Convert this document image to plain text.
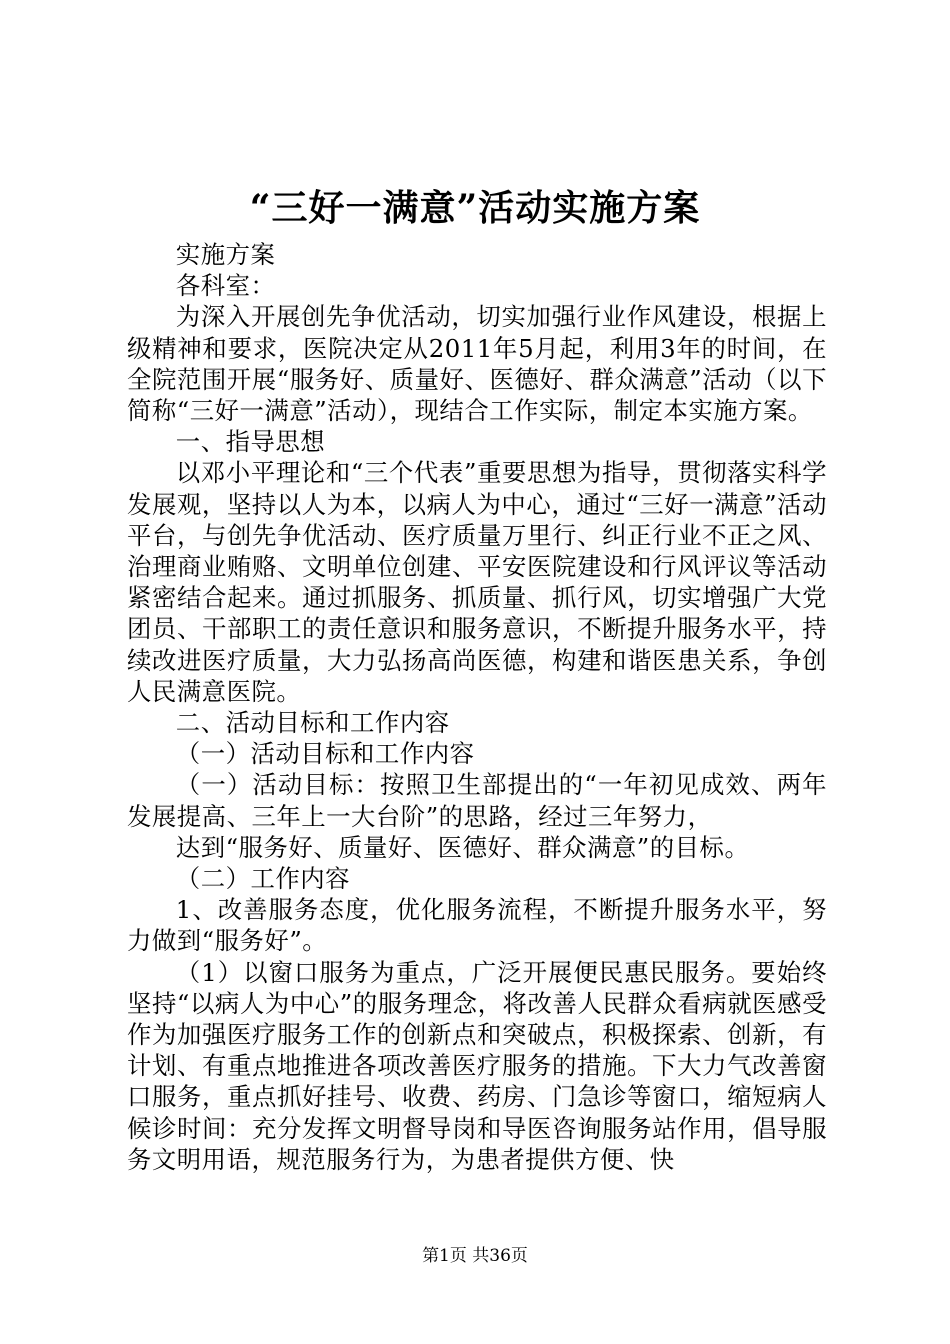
“三好一满意”活动实施方案

实施方案

各科室：

为深入开展创先争优活动，切实加强行业作风建设，根据上级精神和要求，医院决定从2011年5月起，利用3年的时间，在全院范围开展“服务好、质量好、医德好、群众满意”活动（以下简称“三好一满意”活动），现结合工作实际，制定本实施方案。

一、指导思想

以邓小平理论和“三个代表”重要思想为指导，贯彻落实科学发展观，坚持以人为本，以病人为中心，通过“三好一满意”活动平台，与创先争优活动、医疗质量万里行、纠正行业不正之风、治理商业贿赂、文明单位创建、平安医院建设和行风评议等活动紧密结合起来。通过抓服务、抓质量、抓行风，切实增强广大党团员、干部职工的责任意识和服务意识，不断提升服务水平，持续改进医疗质量，大力弘扬高尚医德，构建和谐医患关系，争创人民满意医院。

二、活动目标和工作内容

（一）活动目标和工作内容

（一）活动目标：按照卫生部提出的“一年初见成效、两年发展提高、三年上一大台阶”的思路，经过三年努力，

达到“服务好、质量好、医德好、群众满意”的目标。

（二）工作内容

1、改善服务态度，优化服务流程，不断提升服务水平，努力做到“服务好”。

（1）以窗口服务为重点，广泛开展便民惠民服务。要始终坚持“以病人为中心”的服务理念，将改善人民群众看病就医感受作为加强医疗服务工作的创新点和突破点，积极探索、创新，有计划、有重点地推进各项改善医疗服务的措施。下大力气改善窗口服务，重点抓好挂号、收费、药房、门急诊等窗口，缩短病人候诊时间：充分发挥文明督导岗和导医咨询服务站作用，倡导服务文明用语，规范服务行为，为患者提供方便、快

第1页 共36页
